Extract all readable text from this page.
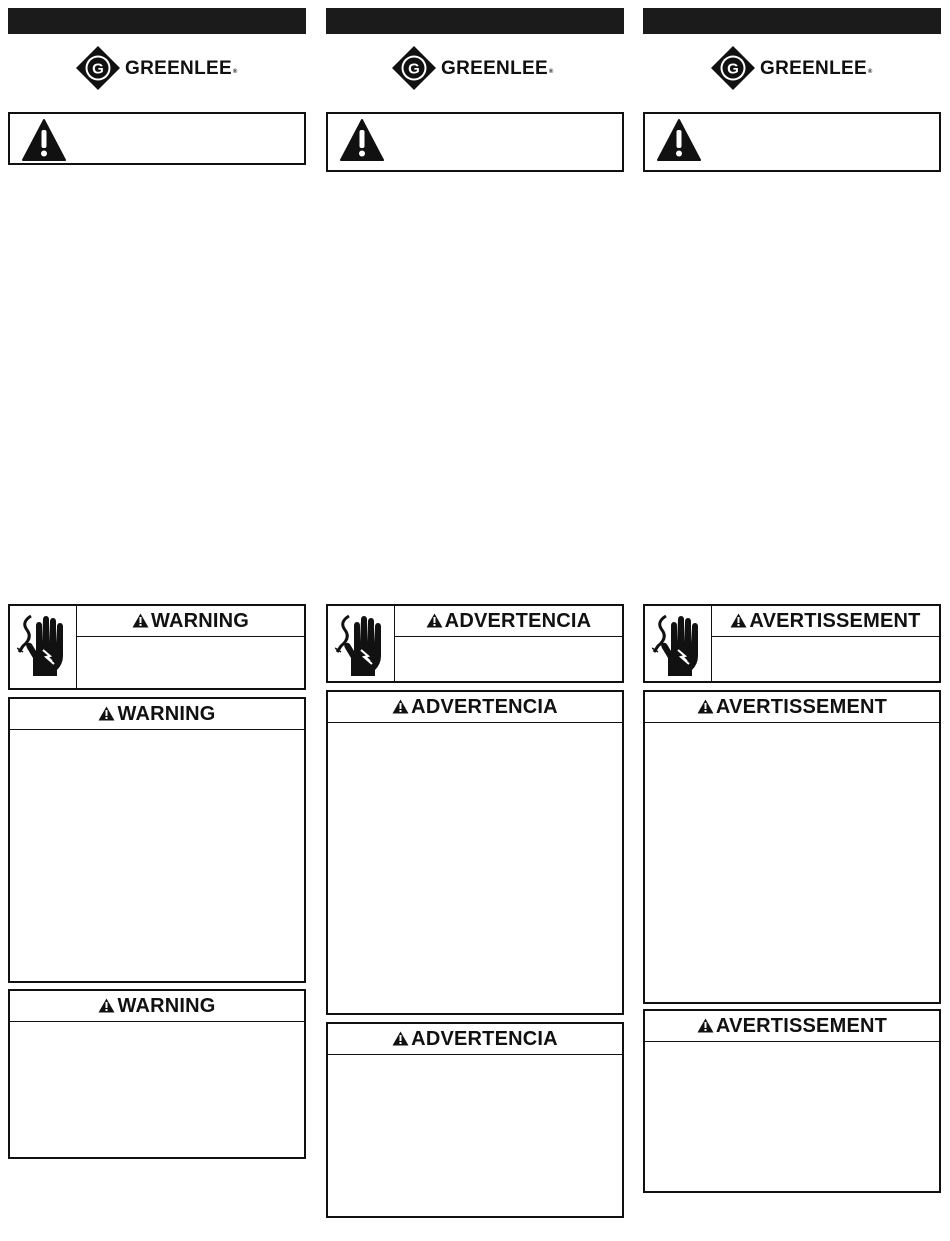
G GREENLEE®
WARNING
WARNING
WARNING
G GREENLEE®
ADVERTENCIA
ADVERTENCIA
ADVERTENCIA
G GREENLEE®
AVERTISSEMENT
AVERTISSEMENT
AVERTISSEMENT
